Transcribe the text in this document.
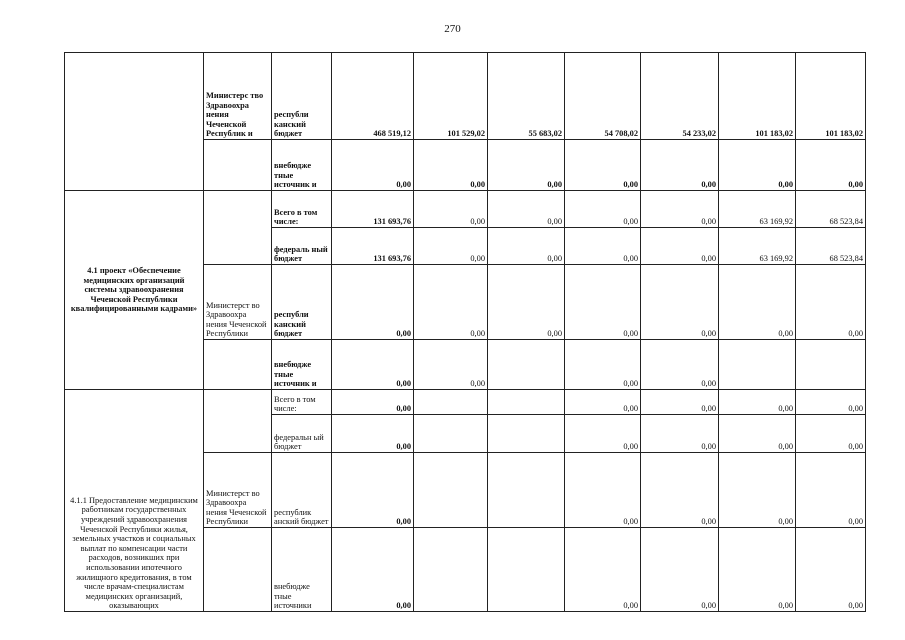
270
	Министерс тво Здравоохра нения Чеченской Республик и	республи канский бюджет	468 519,12	101 529,02	55 683,02	54 708,02	54 233,02	101 183,02	101 183,02
		внебюдже тные источник и	0,00	0,00	0,00	0,00	0,00	0,00	0,00
4.1 проект «Обеспечение медицинских организаций системы здравоохранения Чеченской Республики квалифицированными кадрами»		Всего в том числе:	131 693,76	0,00	0,00	0,00	0,00	63 169,92	68 523,84
		федераль ный бюджет	131 693,76	0,00	0,00	0,00	0,00	63 169,92	68 523,84
	Министерст во Здравоохра нения Чеченской Республики	республи канский бюджет	0,00	0,00	0,00	0,00	0,00	0,00	0,00
		внебюдже тные источник и	0,00	0,00		0,00	0,00		
4.1.1 Предоставление медицинским работникам государственных учреждений здравоохранения Чеченской Республики жилья, земельных участков и социальных выплат по компенсации части расходов, возникших при использовании ипотечного жилищного кредитования, в том числе врачам-специалистам медицинских организаций, оказывающих		Всего в том числе:	0,00			0,00	0,00	0,00	0,00
		федеральн ый бюджет	0,00			0,00	0,00	0,00	0,00
	Министерст во Здравоохра нения Чеченской Республики	республик анский бюджет	0,00			0,00	0,00	0,00	0,00
		внебюдже тные источники	0,00			0,00	0,00	0,00	0,00
